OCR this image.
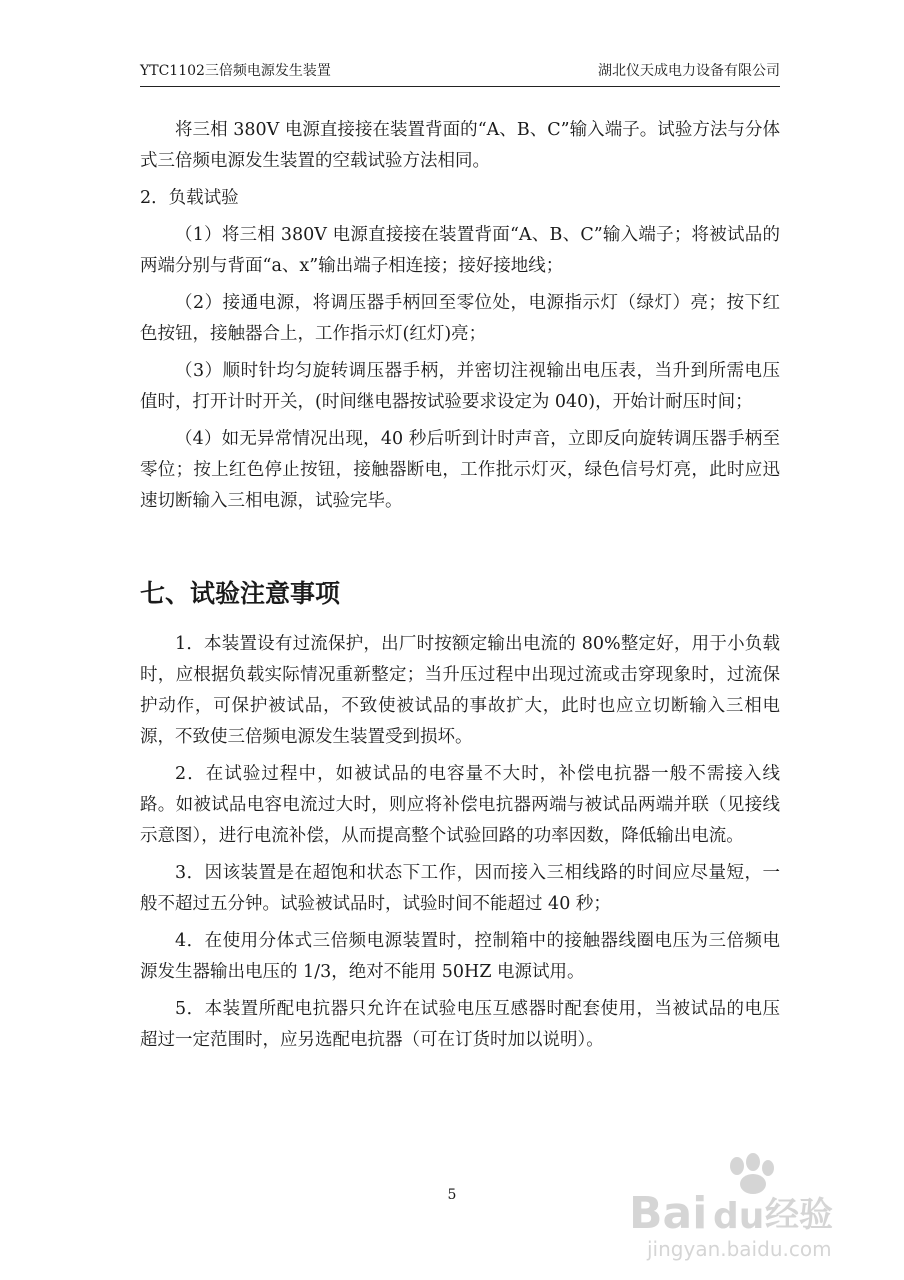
YTC1102三倍频电源发生装置	湖北仪天成电力设备有限公司

将三相 380V 电源直接接在装置背面的“A、B、C”输入端子。试验方法与分体式三倍频电源发生装置的空载试验方法相同。

2．负载试验

（1）将三相 380V 电源直接接在装置背面“A、B、C”输入端子；将被试品的两端分别与背面“a、x”输出端子相连接；接好接地线；

（2）接通电源，将调压器手柄回至零位处，电源指示灯（绿灯）亮；按下红色按钮，接触器合上，工作指示灯(红灯)亮；

（3）顺时针均匀旋转调压器手柄，并密切注视输出电压表，当升到所需电压值时，打开计时开关，(时间继电器按试验要求设定为 040)，开始计耐压时间；

（4）如无异常情况出现，40 秒后听到计时声音，立即反向旋转调压器手柄至零位；按上红色停止按钮，接触器断电，工作批示灯灭，绿色信号灯亮，此时应迅速切断输入三相电源，试验完毕。

七、试验注意事项

1．本装置设有过流保护，出厂时按额定输出电流的 80%整定好，用于小负载时，应根据负载实际情况重新整定；当升压过程中出现过流或击穿现象时，过流保护动作，可保护被试品，不致使被试品的事故扩大，此时也应立切断输入三相电源，不致使三倍频电源发生装置受到损坏。

2．在试验过程中，如被试品的电容量不大时，补偿电抗器一般不需接入线路。如被试品电容电流过大时，则应将补偿电抗器两端与被试品两端并联（见接线示意图），进行电流补偿，从而提高整个试验回路的功率因数，降低输出电流。

3．因该装置是在超饱和状态下工作，因而接入三相线路的时间应尽量短，一般不超过五分钟。试验被试品时，试验时间不能超过 40 秒；

4．在使用分体式三倍频电源装置时，控制箱中的接触器线圈电压为三倍频电源发生器输出电压的 1/3，绝对不能用 50HZ 电源试用。

5．本装置所配电抗器只允许在试验电压互感器时配套使用，当被试品的电压超过一定范围时，应另选配电抗器（可在订货时加以说明）。

5	Bai du 经验
jingyan.baidu.com
